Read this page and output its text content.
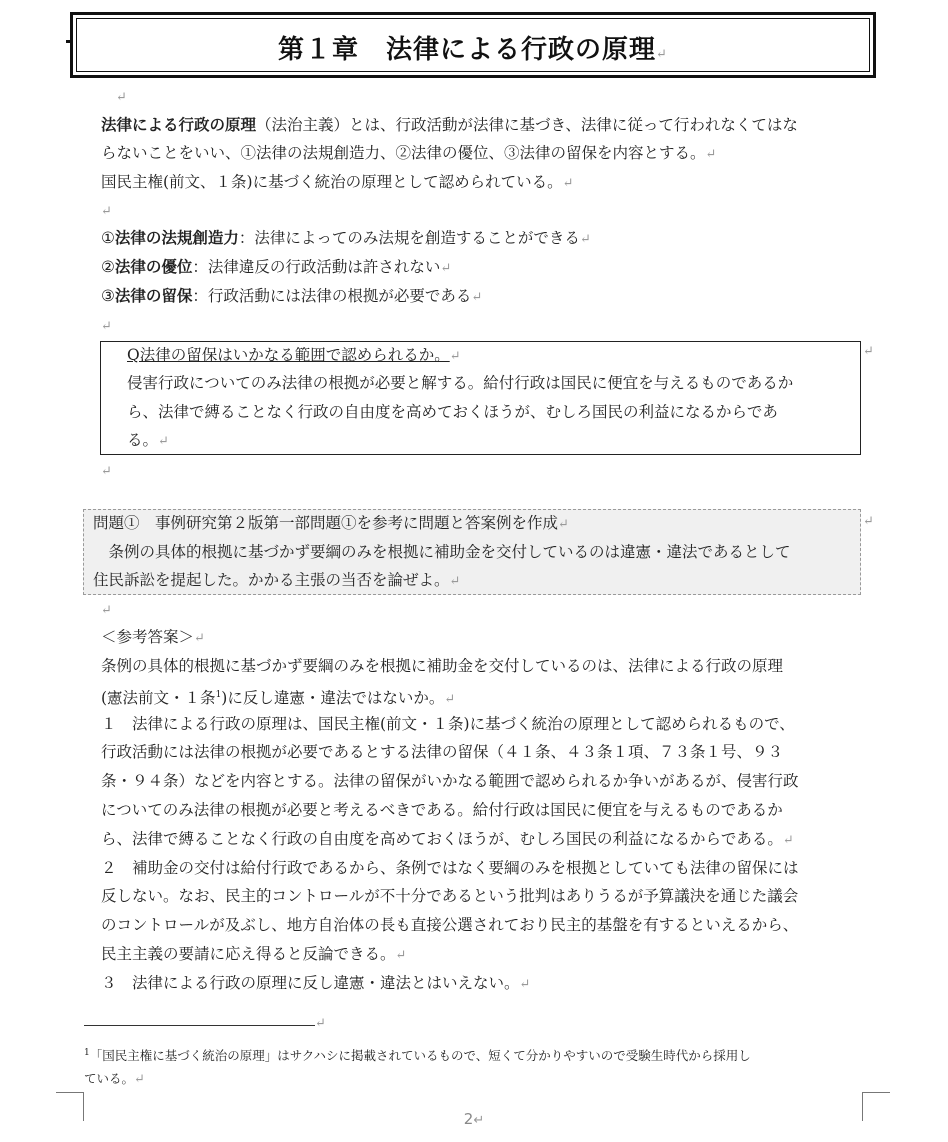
第１章　法律による行政の原理↵
↵
法律による行政の原理（法治主義）とは、行政活動が法律に基づき、法律に従って行われなくてはな
らないことをいい、①法律の法規創造力、②法律の優位、③法律の留保を内容とする。↵
国民主権(前文、１条)に基づく統治の原理として認められている。↵
↵
①法律の法規創造力：法律によってのみ法規を創造することができる↵
②法律の優位：法律違反の行政活動は許されない↵
③法律の留保：行政活動には法律の根拠が必要である↵
↵
Q法律の留保はいかなる範囲で認められるか。↵
侵害行政についてのみ法律の根拠が必要と解する。給付行政は国民に便宜を与えるものであるか
ら、法律で縛ることなく行政の自由度を高めておくほうが、むしろ国民の利益になるからであ
る。↵
↵
↵
問題①　事例研究第２版第一部問題①を参考に問題と答案例を作成↵
　条例の具体的根拠に基づかず要綱のみを根拠に補助金を交付しているのは違憲・違法であるとして
住民訴訟を提起した。かかる主張の当否を論ぜよ。↵
↵
↵
＜参考答案＞↵
条例の具体的根拠に基づかず要綱のみを根拠に補助金を交付しているのは、法律による行政の原理
(憲法前文・１条$^1$)に反し違憲・違法ではないか。↵
１　法律による行政の原理は、国民主権(前文・１条)に基づく統治の原理として認められるもので、
行政活動には法律の根拠が必要であるとする法律の留保（４１条、４３条１項、７３条１号、９３
条・９４条）などを内容とする。法律の留保がいかなる範囲で認められるか争いがあるが、侵害行政
についてのみ法律の根拠が必要と考えるべきである。給付行政は国民に便宜を与えるものであるか
ら、法律で縛ることなく行政の自由度を高めておくほうが、むしろ国民の利益になるからである。↵
２　補助金の交付は給付行政であるから、条例ではなく要綱のみを根拠としていても法律の留保には
反しない。なお、民主的コントロールが不十分であるという批判はありうるが予算議決を通じた議会
のコントロールが及ぶし、地方自治体の長も直接公選されており民主的基盤を有するといえるから、
民主主義の要請に応え得ると反論できる。↵
３　法律による行政の原理に反し違憲・違法とはいえない。↵
↵
$^1$「国民主権に基づく統治の原理」はサクハシに掲載されているもので、短くて分かりやすいので受験生時代から採用し
ている。↵
2↵
